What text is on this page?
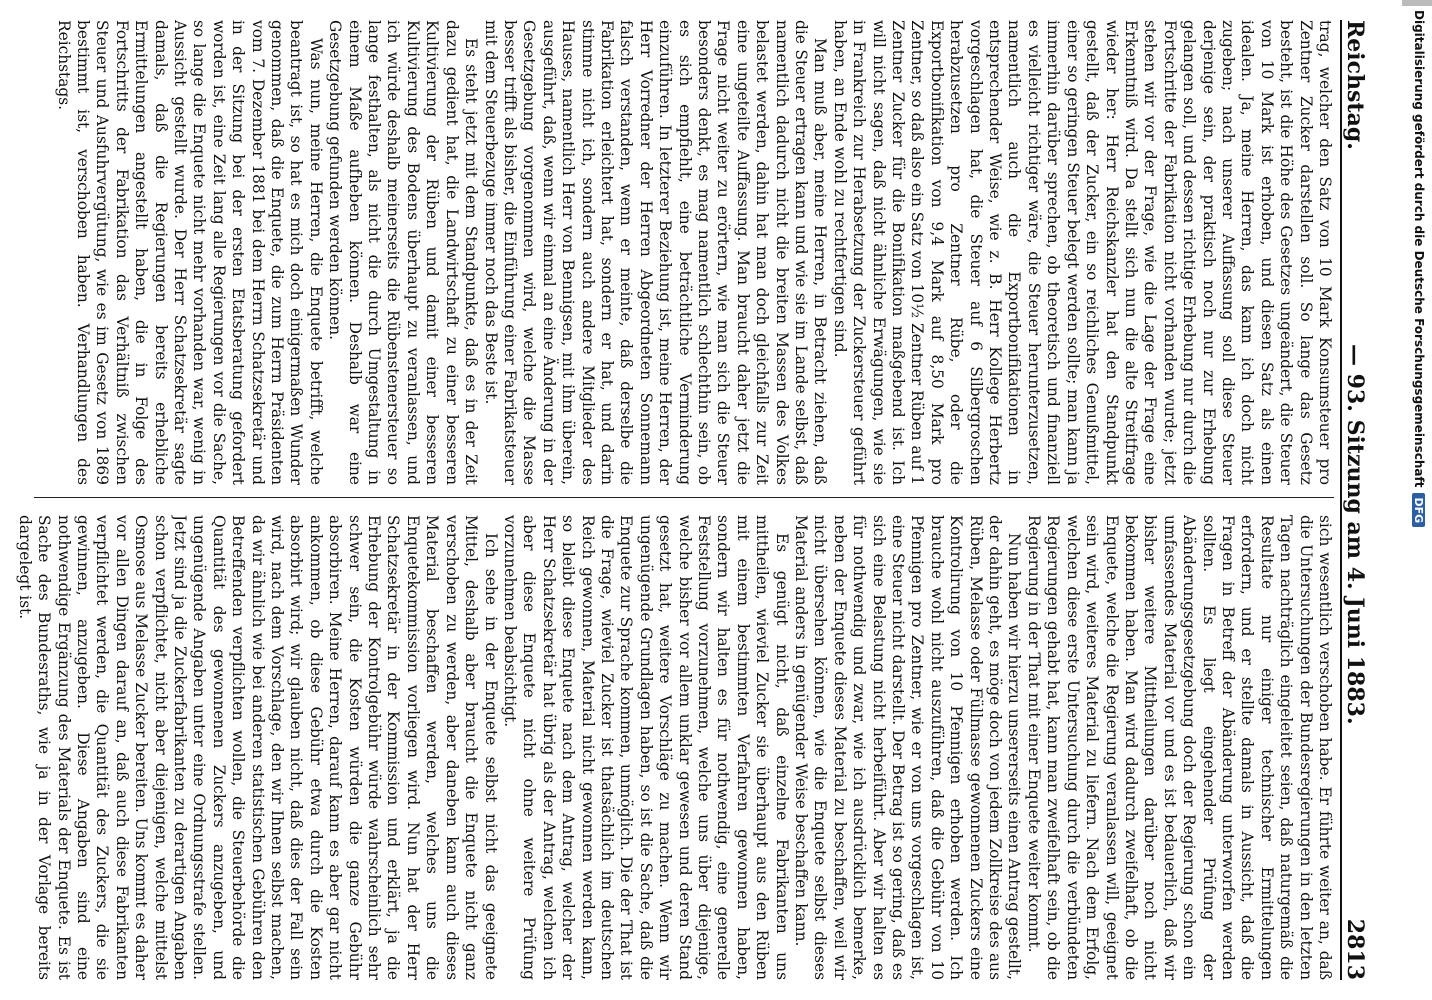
Reichstag.
— 93. Sitzung am 4. Juni 1883.
2813

trag, welcher den Satz von 10 Mark Konsumsteuer pro Zentner Zucker darstellen soll. So lange das Gesetz besteht, ist die Höhe des Gesetzes ungeändert, die Steuer von 10 Mark ist erhoben, und diesen Satz als einen idealen. Ja, meine Herren, das kann ich doch nicht zugeben; nach unserer Auffassung soll diese Steuer derjenige sein, der praktisch noch nur zur Erhebung gelangen soll, und dessen richtige Erhebung nur durch die Fortschritte der Fabrikation nicht vorhanden wurde; jetzt stehen wir vor der Frage, wie die Lage der Frage eine Erkenntniß wird. Da stellt sich nun die alte Streitfrage wieder her: Herr Reichskanzler hat den Standpunkt gestellt, daß der Zucker, ein so reichliches Genußmittel, einer so geringen Steuer belegt werden sollte; man kann ja immerhin darüber sprechen, ob theoretisch und finanziell es vielleicht richtiger wäre, die Steuer herunterzusetzen, namentlich auch die Exportbonifikationen in entsprechender Weise, wie z. B. Herr Kollege Herbertz vorgeschlagen hat, die Steuer auf 6 Silbergroschen herabzusetzen pro Zentner Rübe, oder die Exportbonifikation von 9,4 Mark auf 8,50 Mark pro Zentner, so daß also ein Satz von 10½ Zentner Rüben auf 1 Zentner Zucker für die Bonifikation maßgebend ist. Ich will nicht sagen, daß nicht ähnliche Erwägungen, wie sie in Frankreich zur Herabsetzung der Zuckersteuer geführt haben, an Ende wohl zu rechtfertigen sind.

Man muß aber, meine Herren, in Betracht ziehen, daß die Steuer ertragen kann und wie sie im Lande selbst, daß namentlich dadurch nicht die breiten Massen des Volkes belastet werden, dahin hat man doch gleichfalls zur Zeit eine ungeteilte Auffassung. Man braucht daher jetzt die Frage nicht weiter zu erörtern, wie man sich die Steuer besonders denkt, es mag namentlich schlechthin sein, ob es sich empfiehlt, eine beträchtliche Verminderung einzuführen. In letzterer Beziehung ist, meine Herren, der Herr Vorredner der Herren Abgeordneten Sonnemann falsch verstanden, wenn er meinte, daß derselbe die Fabrikation erleichtert hat, sondern er hat, und darin stimme nicht ich, sondern auch andere Mitglieder des Hauses, namentlich Herr von Bennigsen, mit ihm überein, ausgeführt, daß, wenn wir einmal an eine Änderung in der Gesetzgebung vorgenommen wird, welche die Masse besser trifft als bisher, die Einführung einer Fabrikatsteuer mit dem Steuerbezuge immer noch das Beste ist.

Es steht jetzt mit dem Standpunkte, daß es in der Zeit dazu gedient hat, die Landwirtschaft zu einer besseren Kultivierung der Rüben und damit einer besseren Kultivierung des Bodens überhaupt zu veranlassen, und ich würde deshalb meinerseits die Rübenstenersteuer so lange festhalten, als nicht die durch Umgestaltung in einem Maße aufheben können. Deshalb war eine Gesetzgebung gefunden werden können.

Was nun, meine Herren, die Enquete betrifft, welche beantragt ist, so hat es mich doch einigermaßen Wunder genommen, daß die Enquete, die zum Herrn Präsidenten vom 7. Dezember 1881 bei dem Herrn Schatzsekretär und in der Sitzung bei der ersten Etatsberatung gefordert worden ist, eine Zeit lang alle Regierungen vor die Sache, so lange die Enquete nicht mehr vorhanden war, wenig in Aussicht gestellt wurde. Der Herr Schatzsekretär sagte damals, daß die Regierungen bereits erhebliche Ermittelungen angestellt haben, die in Folge des Fortschritts der Fabrikation das Verhältniß zwischen Steuer und Ausfuhrvergütung, wie es im Gesetz von 1869 bestimmt ist, verschoben haben. Verhandlungen des Reichstags.

sich wesentlich verschoben habe. Er führte weiter an, daß die Untersuchungen der Bundesregierungen in den letzten Tagen nachträglich eingeleitet seien, daß naturgemäß die Resultate nur einiger technischer Ermittelungen erfordern, und er stellte damals in Aussicht, daß die Fragen in Betreff der Abänderung unterworfen werden sollten. Es liegt eingehender Prüfung der Abänderungsgesetzgebung doch der Regierung schon ein umfassendes Material vor und es ist bedauerlich, daß wir bisher weitere Mittheilungen darüber noch nicht bekommen haben. Man wird dadurch zweifelhaft, ob die Enquete, welche die Regierung veranlassen will, geeignet sein wird, weiteres Material zu liefern. Nach dem Erfolg, welchen diese erste Untersuchung durch die verbündeten Regierungen gehabt hat, kann man zweifelhaft sein, ob die Regierung in der That mit einer Enquete weiter kommt.

Nun haben wir hierzu unsererseits einen Antrag gestellt, der dahin geht, es möge doch von jedem Zollkreise des aus Rüben, Melasse oder Füllmasse gewonnenen Zuckers eine Kontrolirung von 10 Pfennigen erhoben werden. Ich brauche wohl nicht auszuführen, daß die Gebühr von 10 Pfennigen pro Zentner, wie er von uns vorgeschlagen ist, eine Steuer nicht darstellt. Der Betrag ist so gering, daß es sich eine Belastung nicht herbeiführt. Aber wir halten es für nothwendig und zwar, wie ich ausdrücklich bemerke, neben der Enquete dieses Material zu beschaffen, weil wir nicht übersehen können, wie die Enquete selbst dieses Material anders in genügender Weise beschaffen kann.

Es genügt nicht, daß einzelne Fabrikanten uns mittheilen, wieviel Zucker sie überhaupt aus den Rüben mit einem bestimmten Verfahren gewonnen haben, sondern wir halten es für nothwendig, eine generelle Feststellung vorzunehmen, welche uns über diejenige, welche bisher vor allem unklar gewesen und deren Stand gesetzt hat, weitere Vorschläge zu machen. Wenn wir ungenügende Grundlagen haben, so ist die Sache, daß die Enquete zur Sprache kommen, unmöglich. Die der That ist die Frage, wieviel Zucker ist thatsächlich im deutschen Reich gewonnen, Material nicht gewonnen werden kann, so bleibt diese Enquete nach dem Antrag, welcher der Herr Schatzsekretär hat übrig als der Antrag, welchen ich aber diese Enquete nicht ohne weitere Prüfung vorzunehmen beabsichtigt.

Ich sehe in der Enquete selbst nicht das geeignete Mittel, deshalb aber braucht die Enquete nicht ganz verschoben zu werden, aber daneben kann auch dieses Material beschaffen werden, welches uns die Enquetekommission vorliegen wird. Nun hat der Herr Schatzsekretär in der Kommission und erklärt, ja die Erhebung der Kontrolgebühr würde wahrscheinlich sehr schwer sein, die Kosten würden die ganze Gebühr absorbiren. Meine Herren, darauf kann es aber gar nicht ankommen, ob diese Gebühr etwa durch die Kosten absorbirt wird; wir glauben nicht, daß dies der Fall sein wird, nach dem Vorschlage, den wir Ihnen selbst machen, da wir ähnlich wie bei anderen statistischen Gebühren den Betreffenden verpflichten wollen, die Steuerbehörde die Quantität des gewonnenen Zuckers anzugeben, und ungenügende Angaben unter eine Ordnungsstrafe stellen. Jetzt sind ja die Zuckerfabrikanten zu derartigen Angaben schon verpflichtet, nicht aber diejenigen, welche mittelst Osmose aus Melasse Zucker bereiten. Uns kommt es daher vor allen Dingen darauf an, daß auch diese Fabrikanten verpflichtet werden, die Quantität des Zuckers, die sie gewinnen, anzugeben. Diese Angaben sind eine nothwendige Ergänzung des Materials der Enquete. Es ist Sache des Bundesraths, wie ja in der Vorlage bereits dargelegt ist.

Digitalisierung gefördert durch die Deutsche Forschungsgemeinschaft
DFG
